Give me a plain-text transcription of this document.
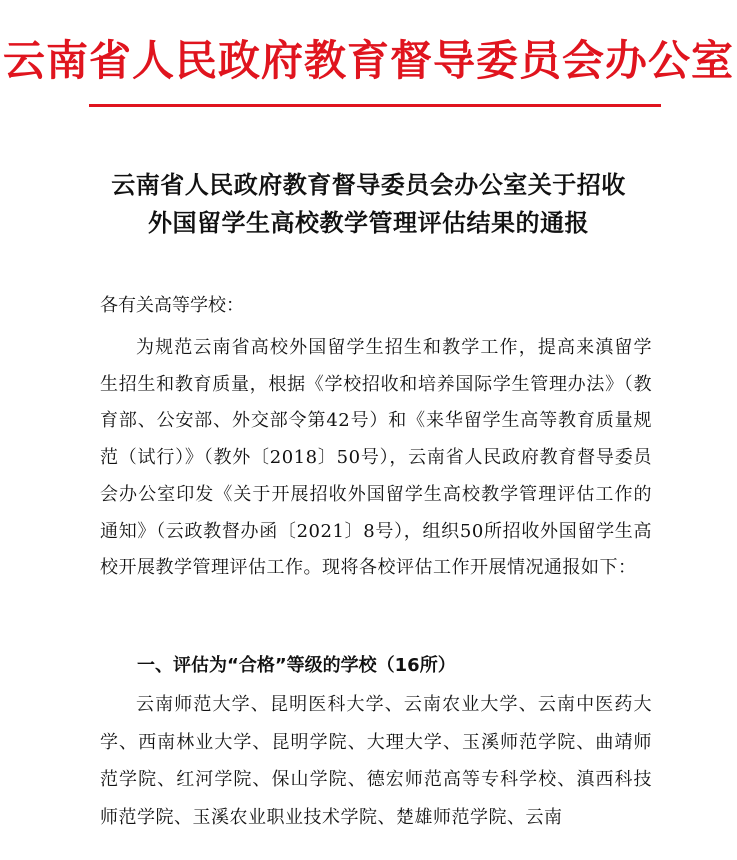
云南省人民政府教育督导委员会办公室
云南省人民政府教育督导委员会办公室关于招收
外国留学生高校教学管理评估结果的通报
各有关高等学校：
为规范云南省高校外国留学生招生和教学工作，提高来滇留学生招生和教育质量，根据《学校招收和培养国际学生管理办法》（教育部、公安部、外交部令第42号）和《来华留学生高等教育质量规范（试行）》（教外〔2018〕50号），云南省人民政府教育督导委员会办公室印发《关于开展招收外国留学生高校教学管理评估工作的通知》（云政教督办函〔2021〕8号），组织50所招收外国留学生高校开展教学管理评估工作。现将各校评估工作开展情况通报如下：
一、评估为“合格”等级的学校（16所）
云南师范大学、昆明医科大学、云南农业大学、云南中医药大学、西南林业大学、昆明学院、大理大学、玉溪师范学院、曲靖师范学院、红河学院、保山学院、德宏师范高等专科学校、滇西科技师范学院、玉溪农业职业技术学院、楚雄师范学院、云南
